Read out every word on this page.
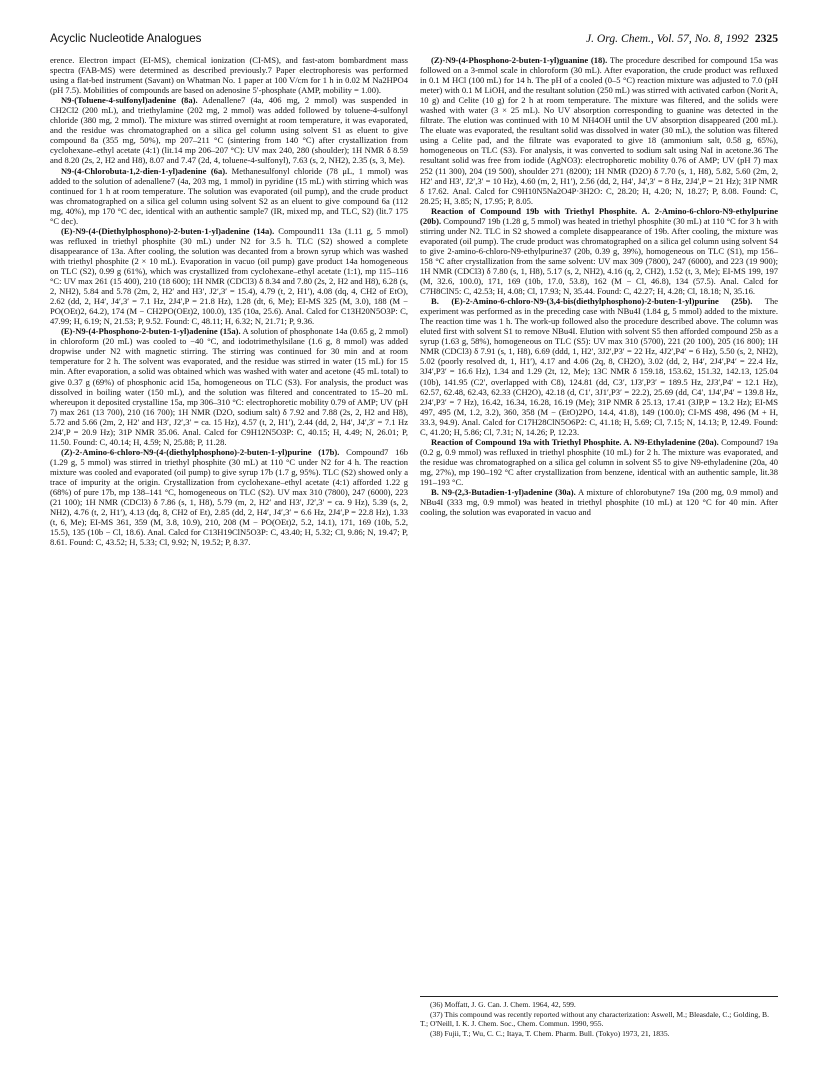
Acyclic Nucleotide Analogues	J. Org. Chem., Vol. 57, No. 8, 1992 2325

erence. Electron impact (EI-MS), chemical ionization (CI-MS), and fast-atom bombardment mass spectra (FAB-MS) were determined as described previously.7 Paper electrophoresis was performed using a flat-bed instrument (Savant) on Whatman No. 1 paper at 100 V/cm for 1 h in 0.02 M Na2HPO4 (pH 7.5). Mobilities of compounds are based on adenosine 5′-phosphate (AMP, mobility = 1.00).

N9-(Toluene-4-sulfonyl)adenine (8a). Adenallene7 (4a, 406 mg, 2 mmol) was suspended in CH2Cl2 (200 mL), and triethylamine (202 mg, 2 mmol) was added followed by toluene-4-sulfonyl chloride (380 mg, 2 mmol). The mixture was stirred overnight at room temperature, it was evaporated, and the residue was chromatographed on a silica gel column using solvent S1 as eluent to give compound 8a (355 mg, 50%), mp 207–211 °C (sintering from 140 °C) after crystallization from cyclohexane–ethyl acetate (4:1) (lit.14 mp 206–207 °C): UV max 240, 280 (shoulder); 1H NMR δ 8.59 and 8.20 (2s, 2, H2 and H8), 8.07 and 7.47 (2d, 4, toluene-4-sulfonyl), 7.63 (s, 2, NH2), 2.35 (s, 3, Me).

N9-(4-Chlorobuta-1,2-dien-1-yl)adenine (6a). Methanesulfonyl chloride (78 μL, 1 mmol) was added to the solution of adenallene7 (4a, 203 mg, 1 mmol) in pyridine (15 mL) with stirring which was continued for 1 h at room temperature. The solution was evaporated (oil pump), and the crude product was chromatographed on a silica gel column using solvent S2 as an eluent to give compound 6a (112 mg, 40%), mp 170 °C dec, identical with an authentic sample7 (IR, mixed mp, and TLC, S2) (lit.7 175 °C dec).

(E)-N9-(4-(Diethylphosphono)-2-buten-1-yl)adenine (14a). Compound11 13a (1.11 g, 5 mmol) was refluxed in triethyl phosphite (30 mL) under N2 for 3.5 h. TLC (S2) showed a complete disappearance of 13a. After cooling, the solution was decanted from a brown syrup which was washed with triethyl phosphite (2 × 10 mL). Evaporation in vacuo (oil pump) gave product 14a homogeneous on TLC (S2), 0.99 g (61%), which was crystallized from cyclohexane–ethyl acetate (1:1), mp 115–116 °C: UV max 261 (15 400), 210 (18 600); 1H NMR (CDCl3) δ 8.34 and 7.80 (2s, 2, H2 and H8), 6.28 (s, 2, NH2), 5.84 and 5.78 (2m, 2, H2′ and H3′, J2′,3′ = 15.4), 4.79 (t, 2, H1′), 4.08 (dq, 4, CH2 of EtO), 2.62 (dd, 2, H4′, J4′,3′ = 7.1 Hz, 2J4′,P = 21.8 Hz), 1.28 (dt, 6, Me); EI-MS 325 (M, 3.0), 188 (M − PO(OEt)2, 64.2), 174 (M − CH2PO(OEt)2, 100.0), 135 (10a, 25.6). Anal. Calcd for C13H20N5O3P: C, 47.99; H, 6.19; N, 21.53; P, 9.52. Found: C, 48.11; H, 6.32; N, 21.71; P, 9.36.

(E)-N9-(4-Phosphono-2-buten-1-yl)adenine (15a). A solution of phosphonate 14a (0.65 g, 2 mmol) in chloroform (20 mL) was cooled to −40 °C, and iodotrimethylsilane (1.6 g, 8 mmol) was added dropwise under N2 with magnetic stirring. The stirring was continued for 30 min and at room temperature for 2 h. The solvent was evaporated, and the residue was stirred in water (15 mL) for 15 min. After evaporation, a solid was obtained which was washed with water and acetone (45 mL total) to give 0.37 g (69%) of phosphonic acid 15a, homogeneous on TLC (S3). For analysis, the product was dissolved in boiling water (150 mL), and the solution was filtered and concentrated to 15–20 mL whereupon it deposited crystalline 15a, mp 306–310 °C: electrophoretic mobility 0.79 of AMP; UV (pH 7) max 261 (13 700), 210 (16 700); 1H NMR (D2O, sodium salt) δ 7.92 and 7.88 (2s, 2, H2 and H8), 5.72 and 5.66 (2m, 2, H2′ and H3′, J2′,3′ = ca. 15 Hz), 4.57 (t, 2, H1′), 2.44 (dd, 2, H4′, J4′,3′ = 7.1 Hz 2J4′,P = 20.9 Hz); 31P NMR 35.06. Anal. Calcd for C9H12N5O3P: C, 40.15; H, 4.49; N, 26.01; P, 11.50. Found: C, 40.14; H, 4.59; N, 25.88; P, 11.28.

(Z)-2-Amino-6-chloro-N9-(4-(diethylphosphono)-2-buten-1-yl)purine (17b). Compound7 16b (1.29 g, 5 mmol) was stirred in triethyl phosphite (30 mL) at 110 °C under N2 for 4 h. The reaction mixture was cooled and evaporated (oil pump) to give syrup 17b (1.7 g, 95%). TLC (S2) showed only a trace of impurity at the origin. Crystallization from cyclohexane–ethyl acetate (4:1) afforded 1.22 g (68%) of pure 17b, mp 138–141 °C, homogeneous on TLC (S2). UV max 310 (7800), 247 (6000), 223 (21 100); 1H NMR (CDCl3) δ 7.86 (s, 1, H8), 5.79 (m, 2, H2′ and H3′, J2′,3′ = ca. 9 Hz), 5.39 (s, 2, NH2), 4.76 (t, 2, H1′), 4.13 (dq, 8, CH2 of Et), 2.85 (dd, 2, H4′, J4′,3′ = 6.6 Hz, 2J4′,P = 22.8 Hz), 1.33 (t, 6, Me); EI-MS 361, 359 (M, 3.8, 10.9), 210, 208 (M − PO(OEt)2, 5.2, 14.1), 171, 169 (10b, 5.2, 15.5), 135 (10b − Cl, 18.6). Anal. Calcd for C13H19ClN5O3P: C, 43.40; H, 5.32; Cl, 9.86; N, 19.47; P, 8.61. Found: C, 43.52; H, 5.33; Cl, 9.92; N, 19.52; P, 8.37.

(Z)-N9-(4-Phosphono-2-buten-1-yl)guanine (18). The procedure described for compound 15a was followed on a 3-mmol scale in chloroform (30 mL). After evaporation, the crude product was refluxed in 0.1 M HCl (100 mL) for 14 h. The pH of a cooled (0–5 °C) reaction mixture was adjusted to 7.0 (pH meter) with 0.1 M LiOH, and the resultant solution (250 mL) was stirred with activated carbon (Norit A, 10 g) and Celite (10 g) for 2 h at room temperature. The mixture was filtered, and the solids were washed with water (3 × 25 mL). No UV absorption corresponding to guanine was detected in the filtrate. The elution was continued with 10 M NH4OH until the UV absorption disappeared (200 mL). The eluate was evaporated, the resultant solid was dissolved in water (30 mL), the solution was filtered using a Celite pad, and the filtrate was evaporated to give 18 (ammonium salt, 0.58 g, 65%), homogeneous on TLC (S3). For analysis, it was converted to sodium salt using NaI in acetone.36 The resultant solid was free from iodide (AgNO3): electrophoretic mobility 0.76 of AMP; UV (pH 7) max 252 (11 300), 204 (19 500), shoulder 271 (8200); 1H NMR (D2O) δ 7.70 (s, 1, H8), 5.82, 5.60 (2m, 2, H2′ and H3′, J2′,3′ = 10 Hz), 4.60 (m, 2, H1′), 2.56 (dd, 2, H4′, J4′,3′ = 8 Hz, 2J4′,P = 21 Hz); 31P NMR δ 17.62. Anal. Calcd for C9H10N5Na2O4P·3H2O: C, 28.20; H, 4.20; N, 18.27; P, 8.08. Found: C, 28.25; H, 3.85; N, 17.95; P, 8.05.

Reaction of Compound 19b with Triethyl Phosphite. A. 2-Amino-6-chloro-N9-ethylpurine (20b). Compound7 19b (1.28 g, 5 mmol) was heated in triethyl phosphite (30 mL) at 110 °C for 3 h with stirring under N2. TLC in S2 showed a complete disappearance of 19b. After cooling, the mixture was evaporated (oil pump). The crude product was chromatographed on a silica gel column using solvent S4 to give 2-amino-6-chloro-N9-ethylpurine37 (20b, 0.39 g, 39%), homogeneous on TLC (S1), mp 156–158 °C after crystallization from the same solvent: UV max 309 (7800), 247 (6000), and 223 (19 900); 1H NMR (CDCl3) δ 7.80 (s, 1, H8), 5.17 (s, 2, NH2), 4.16 (q, 2, CH2), 1.52 (t, 3, Me); EI-MS 199, 197 (M, 32.6, 100.0), 171, 169 (10b, 17.0, 53.8), 162 (M − Cl, 46.8), 134 (57.5). Anal. Calcd for C7H8ClN5: C, 42.53; H, 4.08; Cl, 17.93; N, 35.44. Found: C, 42.27; H, 4.28; Cl, 18.18; N, 35.16.

B. (E)-2-Amino-6-chloro-N9-(3,4-bis(diethylphosphono)-2-buten-1-yl)purine (25b). The experiment was performed as in the preceding case with NBu4I (1.84 g, 5 mmol) added to the mixture. The reaction time was 1 h. The work-up followed also the procedure described above. The column was eluted first with solvent S1 to remove NBu4I. Elution with solvent S5 then afforded compound 25b as a syrup (1.63 g, 58%), homogeneous on TLC (S5): UV max 310 (5700), 221 (20 100), 205 (16 800); 1H NMR (CDCl3) δ 7.91 (s, 1, H8), 6.69 (ddd, 1, H2′, 3J2′,P3′ = 22 Hz, 4J2′,P4′ = 6 Hz), 5.50 (s, 2, NH2), 5.02 (poorly resolved dt, 1, H1′), 4.17 and 4.06 (2q, 8, CH2O), 3.02 (dd, 2, H4′, 2J4′,P4′ = 22.4 Hz, 3J4′,P3′ = 16.6 Hz), 1.34 and 1.29 (2t, 12, Me); 13C NMR δ 159.18, 153.62, 151.32, 142.13, 125.04 (10b), 141.95 (C2′, overlapped with C8), 124.81 (dd, C3′, 1J3′,P3′ = 189.5 Hz, 2J3′,P4′ = 12.1 Hz), 62.57, 62.48, 62.43, 62.33 (CH2O), 42.18 (d, C1′, 3J1′,P3′ = 22.2), 25.69 (dd, C4′, 1J4′,P4′ = 139.8 Hz, 2J4′,P3′ = 7 Hz), 16.42, 16.34, 16.28, 16.19 (Me); 31P NMR δ 25.13, 17.41 (3JP,P = 13.2 Hz); EI-MS 497, 495 (M, 1.2, 3.2), 360, 358 (M − (EtO)2PO, 14.4, 41.8), 149 (100.0); CI-MS 498, 496 (M + H, 33.3, 94.9). Anal. Calcd for C17H28ClN5O6P2: C, 41.18; H, 5.69; Cl, 7.15; N, 14.13; P, 12.49. Found: C, 41.20; H, 5.86; Cl, 7.31; N, 14.26; P, 12.23.

Reaction of Compound 19a with Triethyl Phosphite. A. N9-Ethyladenine (20a). Compound7 19a (0.2 g, 0.9 mmol) was refluxed in triethyl phosphite (10 mL) for 2 h. The mixture was evaporated, and the residue was chromatographed on a silica gel column in solvent S5 to give N9-ethyladenine (20a, 40 mg, 27%), mp 190–192 °C after crystallization from benzene, identical with an authentic sample, lit.38 191–193 °C.

B. N9-(2,3-Butadien-1-yl)adenine (30a). A mixture of chlorobutyne7 19a (200 mg, 0.9 mmol) and NBu4I (333 mg, 0.9 mmol) was heated in triethyl phosphite (10 mL) at 120 °C for 40 min. After cooling, the solution was evaporated in vacuo and

(36) Moffatt, J. G. Can. J. Chem. 1964, 42, 599.

(37) This compound was recently reported without any characterization: Aswell, M.; Bleasdale, C.; Golding, B. T.; O'Neill, I. K. J. Chem. Soc., Chem. Commun. 1990, 955.

(38) Fujii, T.; Wu, C. C.; Itaya, T. Chem. Pharm. Bull. (Tokyo) 1973, 21, 1835.
